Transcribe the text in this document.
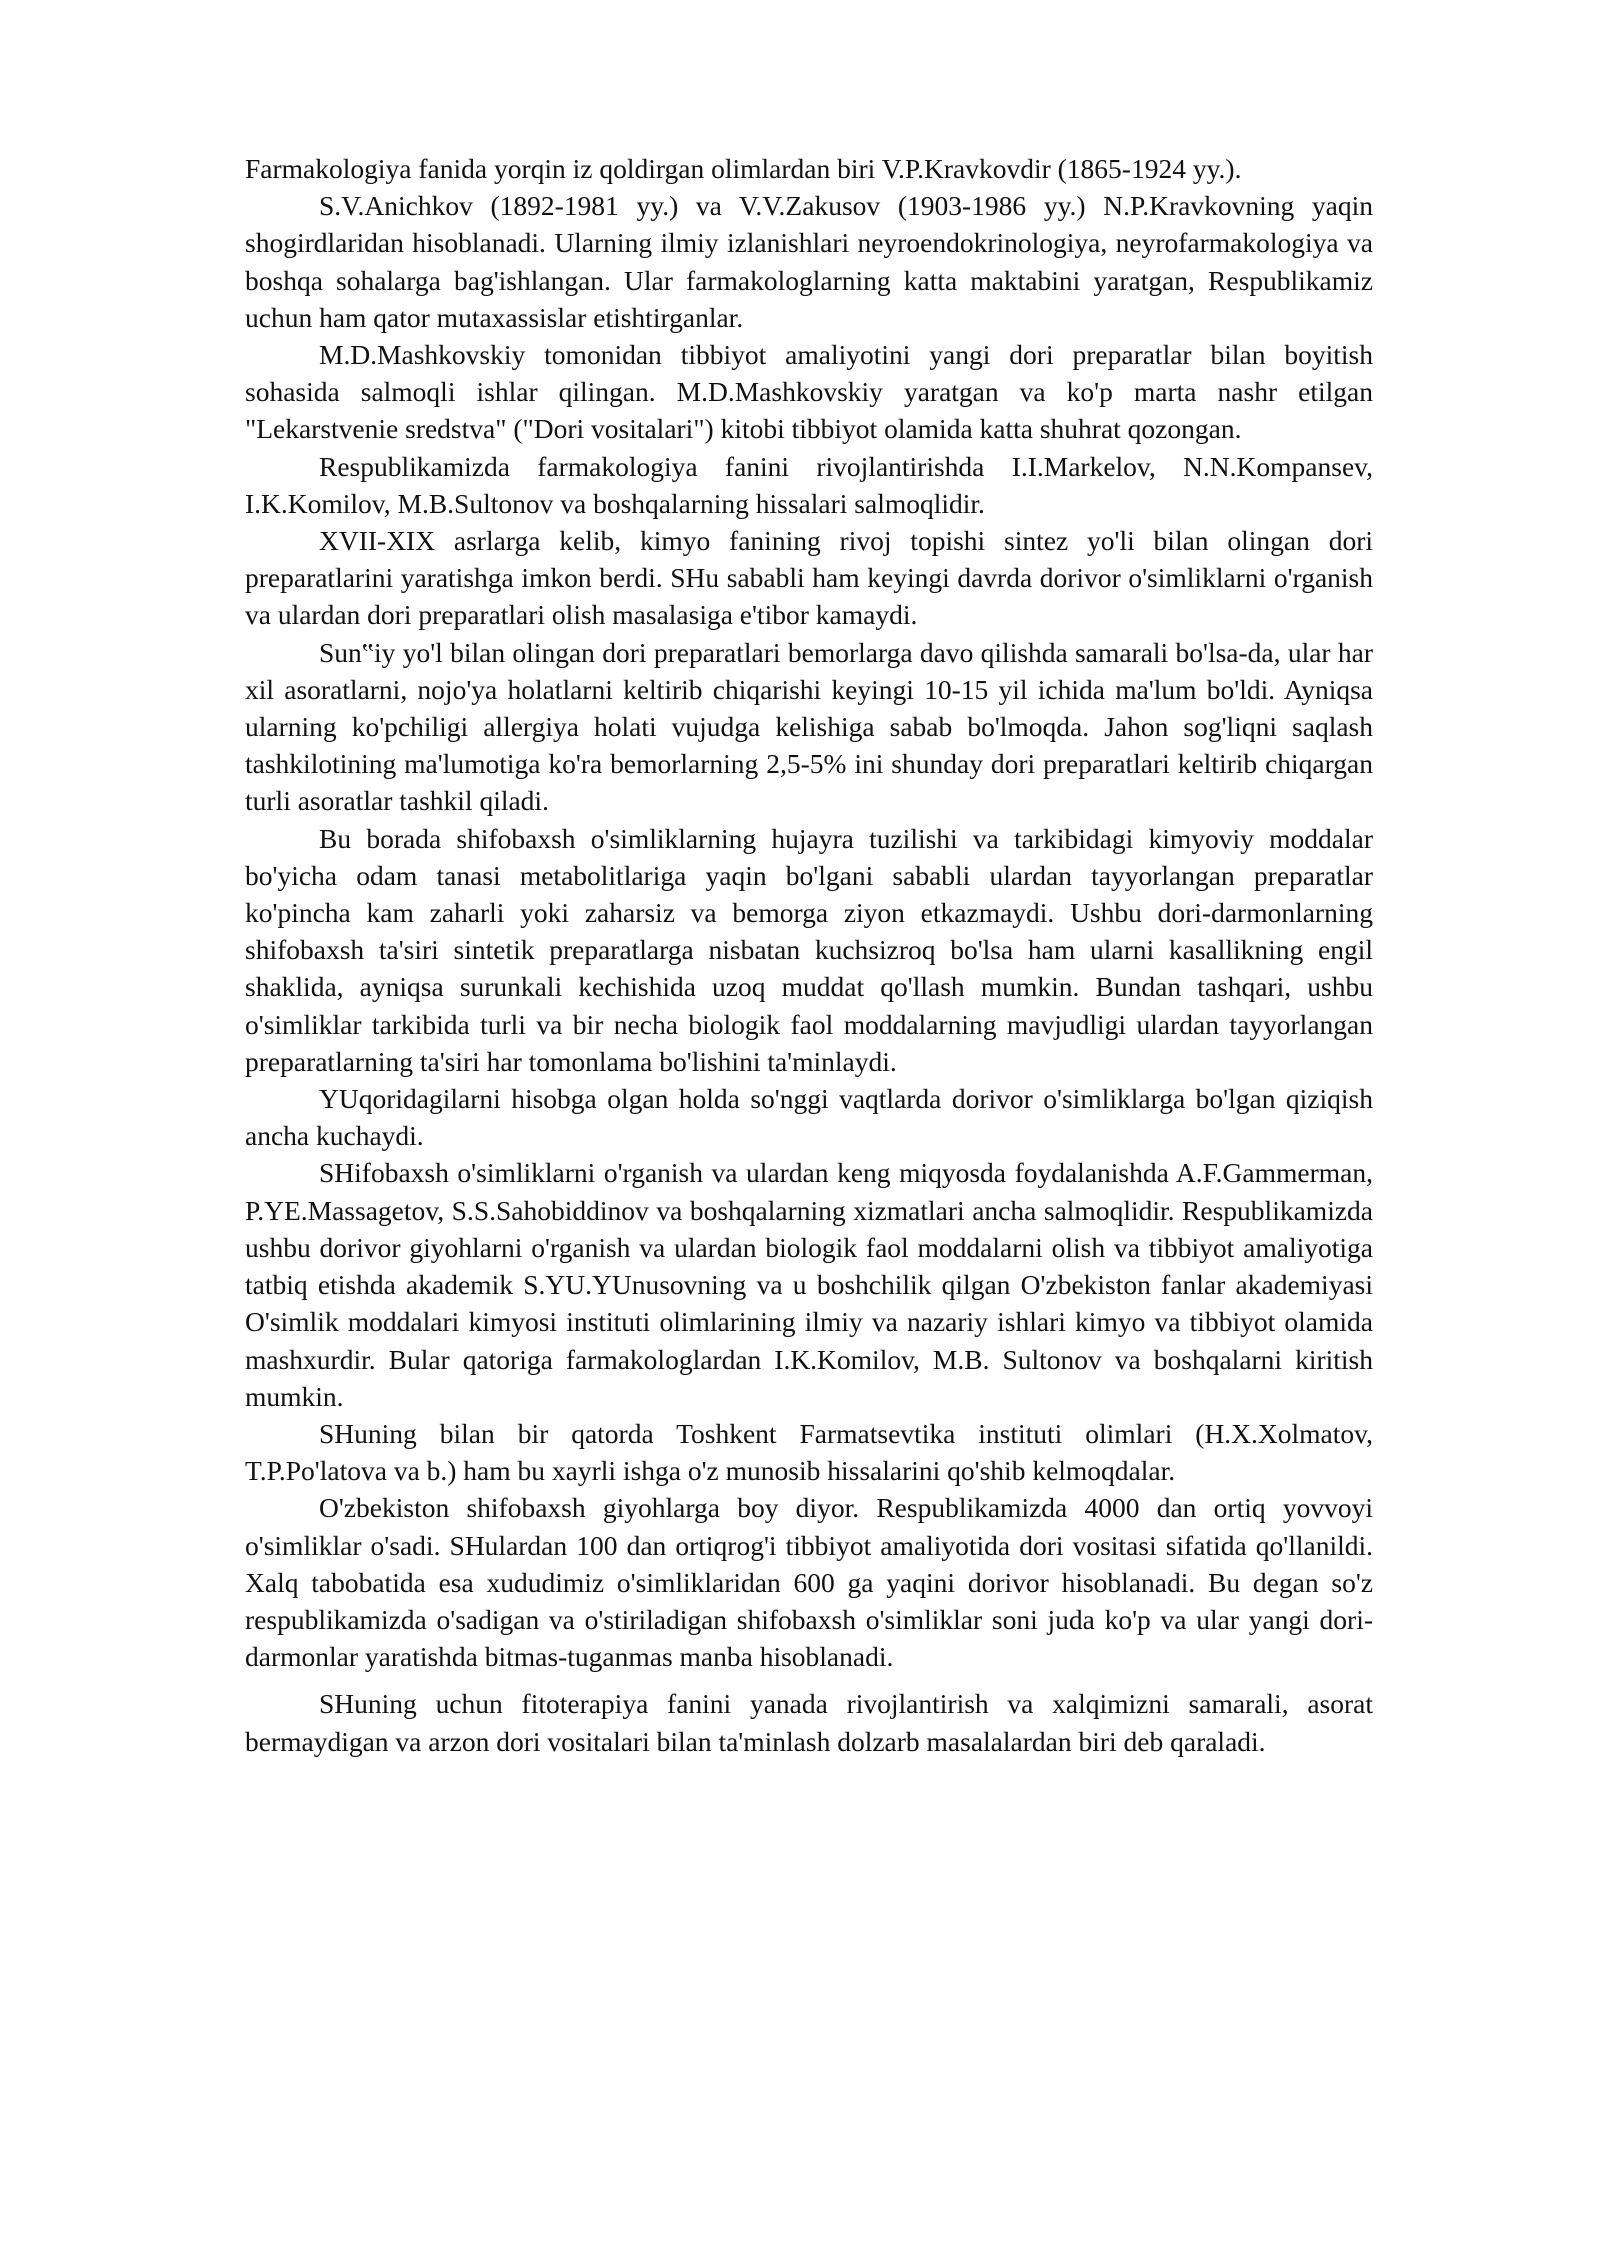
Farmakologiya fanida yorqin iz qoldirgan olimlardan biri V.P.Kravkovdir (1865-1924 yy.).

S.V.Anichkov (1892-1981 yy.) va V.V.Zakusov (1903-1986 yy.) N.P.Kravkovning yaqin shogirdlaridan hisoblanadi. Ularning ilmiy izlanishlari neyroendokrinologiya, neyrofarmakologiya va boshqa sohalarga bag'ishlangan. Ular farmakologlarning katta maktabini yaratgan, Respublikamiz uchun ham qator mutaxassislar etishtirganlar.

M.D.Mashkovskiy tomonidan tibbiyot amaliyotini yangi dori preparatlar bilan boyitish sohasida salmoqli ishlar qilingan. M.D.Mashkovskiy yaratgan va ko'p marta nashr etilgan "Lekarstvenie sredstva" ("Dori vositalari") kitobi tibbiyot olamida katta shuhrat qozongan.

Respublikamizda farmakologiya fanini rivojlantirishda I.I.Markelov, N.N.Kompansev, I.K.Komilov, M.B.Sultonov va boshqalarning hissalari salmoqlidir.

XVII-XIX asrlarga kelib, kimyo fanining rivoj topishi sintez yo'li bilan olingan dori preparatlarini yaratishga imkon berdi. SHu sababli ham keyingi davrda dorivor o'simliklarni o'rganish va ulardan dori preparatlari olish masalasiga e'tibor kamaydi.

Sun‟iy yo'l bilan olingan dori preparatlari bemorlarga davo qilishda samarali bo'lsa-da, ular har xil asoratlarni, nojo'ya holatlarni keltirib chiqarishi keyingi 10-15 yil ichida ma'lum bo'ldi. Ayniqsa ularning ko'pchiligi allergiya holati vujudga kelishiga sabab bo'lmoqda. Jahon sog'liqni saqlash tashkilotining ma'lumotiga ko'ra bemorlarning 2,5-5% ini shunday dori preparatlari keltirib chiqargan turli asoratlar tashkil qiladi.

Bu borada shifobaxsh o'simliklarning hujayra tuzilishi va tarkibidagi kimyoviy moddalar bo'yicha odam tanasi metabolitlariga yaqin bo'lgani sababli ulardan tayyorlangan preparatlar ko'pincha kam zaharli yoki zaharsiz va bemorga ziyon etkazmaydi. Ushbu dori-darmonlarning shifobaxsh ta'siri sintetik preparatlarga nisbatan kuchsizroq bo'lsa ham ularni kasallikning engil shaklida, ayniqsa surunkali kechishida uzoq muddat qo'llash mumkin. Bundan tashqari, ushbu o'simliklar tarkibida turli va bir necha biologik faol moddalarning mavjudligi ulardan tayyorlangan preparatlarning ta'siri har tomonlama bo'lishini ta'minlaydi.

YUqoridagilarni hisobga olgan holda so'nggi vaqtlarda dorivor o'simliklarga bo'lgan qiziqish ancha kuchaydi.

SHifobaxsh o'simliklarni o'rganish va ulardan keng miqyosda foydalanishda A.F.Gammerman, P.YE.Massagetov, S.S.Sahobiddinov va boshqalarning xizmatlari ancha salmoqlidir. Respublikamizda ushbu dorivor giyohlarni o'rganish va ulardan biologik faol moddalarni olish va tibbiyot amaliyotiga tatbiq etishda akademik S.YU.YUnusovning va u boshchilik qilgan O'zbekiston fanlar akademiyasi O'simlik moddalari kimyosi instituti olimlarining ilmiy va nazariy ishlari kimyo va tibbiyot olamida mashxurdir. Bular qatoriga farmakologlardan I.K.Komilov, M.B. Sultonov va boshqalarni kiritish mumkin.

SHuning bilan bir qatorda Toshkent Farmatsevtika instituti olimlari (H.X.Xolmatov, T.P.Po'latova va b.) ham bu xayrli ishga o'z munosib hissalarini qo'shib kelmoqdalar.

O'zbekiston shifobaxsh giyohlarga boy diyor. Respublikamizda 4000 dan ortiq yovvoyi o'simliklar o'sadi. SHulardan 100 dan ortiqrog'i tibbiyot amaliyotida dori vositasi sifatida qo'llanildi. Xalq tabobatida esa xududimiz o'simliklaridan 600 ga yaqini dorivor hisoblanadi. Bu degan so'z respublikamizda o'sadigan va o'stiriladigan shifobaxsh o'simliklar soni juda ko'p va ular yangi dori-darmonlar yaratishda bitmas-tuganmas manba hisoblanadi.

SHuning uchun fitoterapiya fanini yanada rivojlantirish va xalqimizni samarali, asorat bermaydigan va arzon dori vositalari bilan ta'minlash dolzarb masalalardan biri deb qaraladi.
